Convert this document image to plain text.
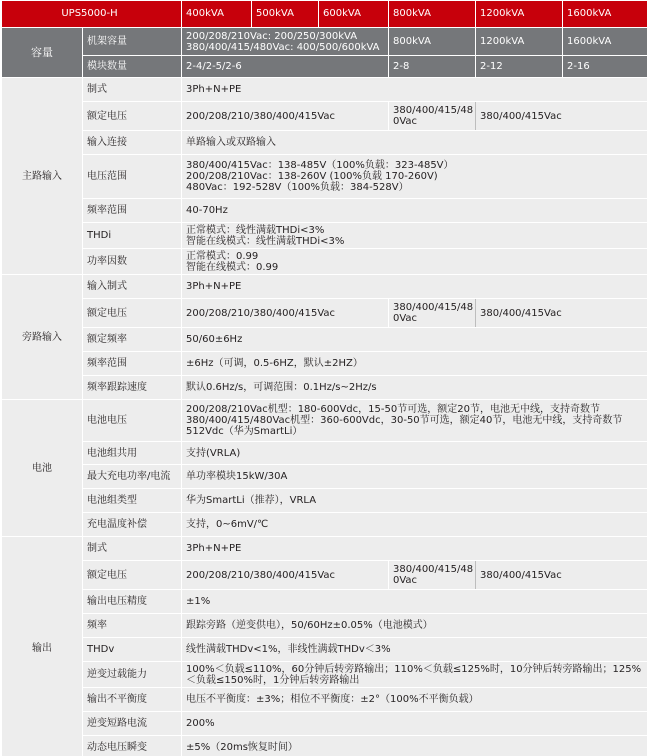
UPS5000-H		400kVA	500kVA	600kVA	800kVA	1200kVA	1600kVA
容量	机架容量	200/208/210Vac: 200/250/300kVA
380/400/415/480Vac: 400/500/600kVA			800kVA	1200kVA	1600kVA
	模块数量	2-4/2-5/2-6			2-8	2-12	2-16
主路输入	制式	3Ph+N+PE					
	额定电压	200/208/210/380/400/415Vac			380/400/415/48 0Vac	380/400/415Vac	
	输入连接	单路输入或双路输入					
	电压范围	380/400/415Vac：138-485V（100%负载：323-485V）
200/208/210Vac：138-260V (100%负载 170-260V)
480Vac：192-528V（100%负载：384-528V）					

	频率范围	40-70Hz					
	THDi	正常模式：线性满载THDi<3%
智能在线模式：线性满载THDi<3%					

	功率因数	正常模式：0.99
智能在线模式：0.99					

旁路输入	输入制式	3Ph+N+PE					
	额定电压	200/208/210/380/400/415Vac			380/400/415/48 0Vac	380/400/415Vac	
	额定频率	50/60±6Hz					
	频率范围	±6Hz（可调，0.5-6HZ，默认±2HZ）					
	频率跟踪速度	默认0.6Hz/s，可调范围：0.1Hz/s~2Hz/s					
电池	电池电压	200/208/210Vac机型：180-600Vdc，15-50节可选，额定20节，电池无中线，支持奇数节
380/400/415/480Vac机型：360-600Vdc，30-50节可选，额定40节，电池无中线，支持奇数节
512Vdc（华为SmartLi）					

	电池组共用	支持(VRLA)					
	最大充电功率/电流	单功率模块15kW/30A					
	电池组类型	华为SmartLi（推荐），VRLA					
	充电温度补偿	支持，0~6mV/℃					
输出	制式	3Ph+N+PE					
	额定电压	200/208/210/380/400/415Vac			380/400/415/48 0Vac	380/400/415Vac	
	输出电压精度	±1%					
	频率	跟踪旁路（逆变供电），50/60Hz±0.05%（电池模式）					
	THDv	线性满载THDv<1%，非线性满载THDv＜3%					
	逆变过载能力	100%＜负载≤110%，60分钟后转旁路输出；110%＜负载≤125%时，10分钟后转旁路输出；125%
＜负载≤150%时，1分钟后转旁路输出					

	输出不平衡度	电压不平衡度：±3%；相位不平衡度：±2°（100%不平衡负载）					
	逆变短路电流	200%					
	动态电压瞬变	±5%（20ms恢复时间）					
